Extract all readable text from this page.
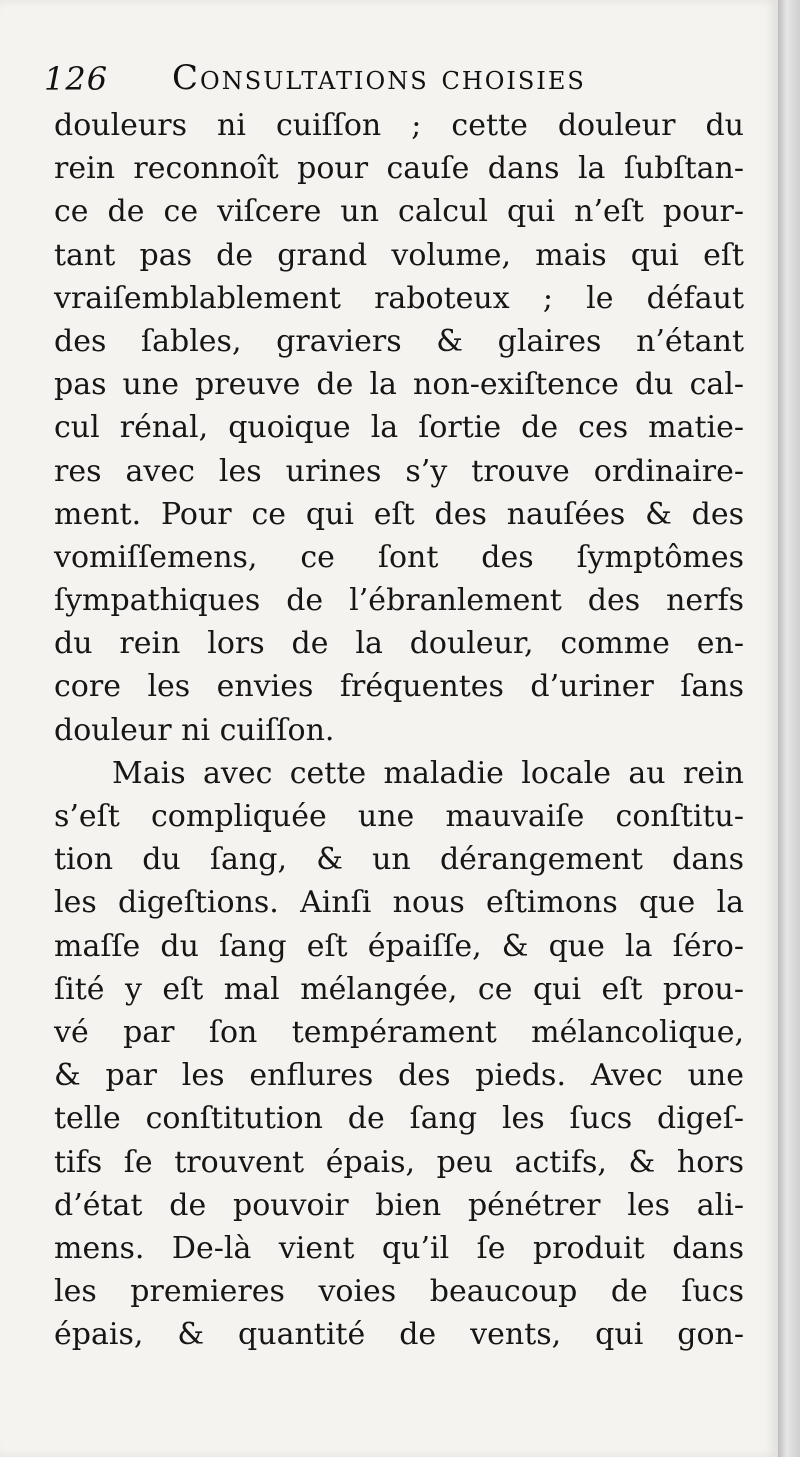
126 Consultations choisies
douleurs ni cuiſſon ; cette douleur du
rein reconnoît pour cauſe dans la ſubſtan-
ce de ce viſcere un calcul qui n’eſt pour-
tant pas de grand volume, mais qui eſt
vraiſemblablement raboteux ; le défaut
des ſables, graviers & glaires n’étant
pas une preuve de la non-exiſtence du cal-
cul rénal, quoique la ſortie de ces matie-
res avec les urines s’y trouve ordinaire-
ment. Pour ce qui eſt des nauſées & des
vomiſſemens, ce ſont des ſymptômes
ſympathiques de l’ébranlement des nerfs
du rein lors de la douleur, comme en-
core les envies fréquentes d’uriner ſans
douleur ni cuiſſon.
Mais avec cette maladie locale au rein
s’eſt compliquée une mauvaiſe conſtitu-
tion du ſang, & un dérangement dans
les digeſtions. Ainſi nous eſtimons que la
maſſe du ſang eſt épaiſſe, & que la ſéro-
ſité y eſt mal mélangée, ce qui eſt prou-
vé par ſon tempérament mélancolique,
& par les enflures des pieds. Avec une
telle conſtitution de ſang les ſucs digeſ-
tifs ſe trouvent épais, peu actifs, & hors
d’état de pouvoir bien pénétrer les ali-
mens. De-là vient qu’il ſe produit dans
les premieres voies beaucoup de ſucs
épais, & quantité de vents, qui gon-
